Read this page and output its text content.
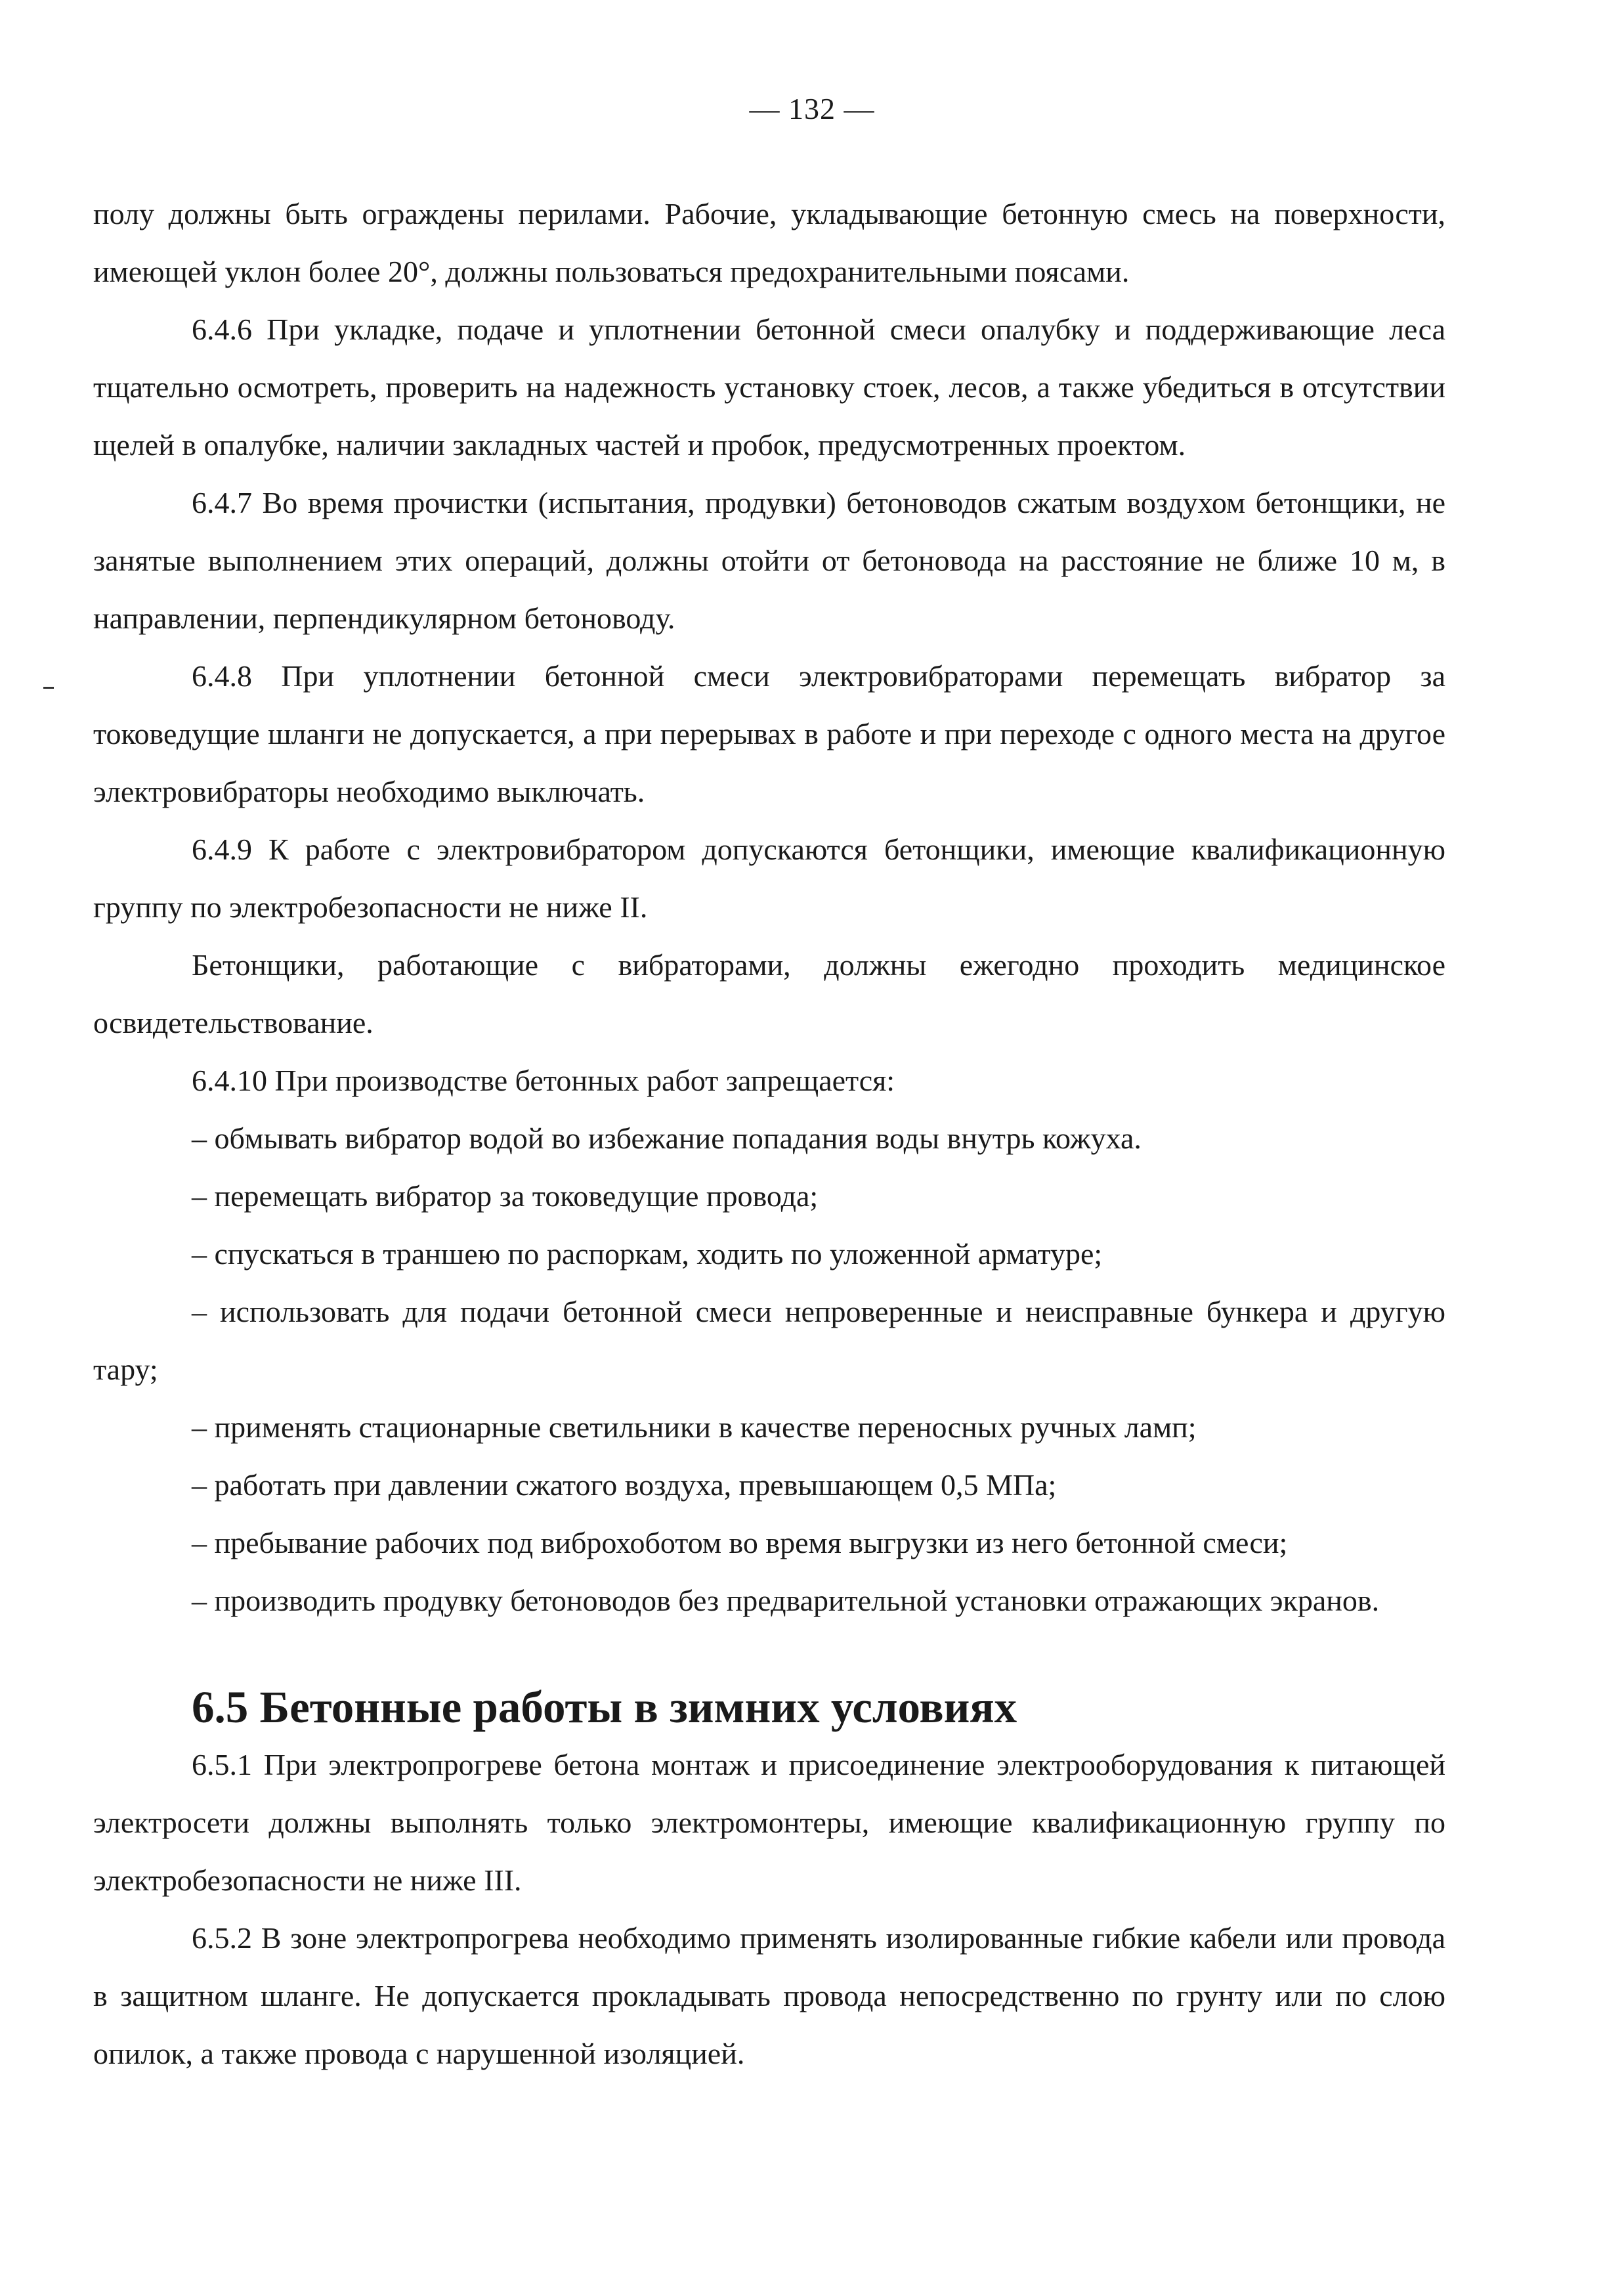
— 132 —

полу должны быть ограждены перилами. Рабочие, укладывающие бетонную смесь на поверхности, имеющей уклон более 20°, должны пользоваться предохранительными поясами.

6.4.6 При укладке, подаче и уплотнении бетонной смеси опалубку и поддерживающие леса тщательно осмотреть, проверить на надежность установку стоек, лесов, а также убедиться в отсутствии щелей в опалубке, наличии закладных частей и пробок, предусмотренных проектом.

6.4.7 Во время прочистки (испытания, продувки) бетоноводов сжатым воздухом бетонщики, не занятые выполнением этих операций, должны отойти от бетоновода на расстояние не ближе 10 м, в направлении, перпендикулярном бетоноводу.

6.4.8 При уплотнении бетонной смеси электровибраторами перемещать вибратор за токоведущие шланги не допускается, а при перерывах в работе и при переходе с одного места на другое электровибраторы необходимо выключать.

6.4.9 К работе с электровибратором допускаются бетонщики, имеющие квалификационную группу по электробезопасности не ниже II.

Бетонщики, работающие с вибраторами, должны ежегодно проходить медицинское освидетельствование.

6.4.10 При производстве бетонных работ запрещается:

– обмывать вибратор водой во избежание попадания воды внутрь кожуха.

– перемещать вибратор за токоведущие провода;

– спускаться в траншею по распоркам, ходить по уложенной арматуре;

– использовать для подачи бетонной смеси непроверенные и неисправные бункера и другую тару;

– применять стационарные светильники в качестве переносных ручных ламп;

– работать при давлении сжатого воздуха, превышающем 0,5 МПа;

– пребывание рабочих под виброхоботом во время выгрузки из него бетонной смеси;

– производить продувку бетоноводов без предварительной установки отражающих экранов.

6.5 Бетонные работы в зимних условиях

6.5.1 При электропрогреве бетона монтаж и присоединение электрооборудования к питающей электросети должны выполнять только электромонтеры, имеющие квалификационную группу по электробезопасности не ниже III.

6.5.2 В зоне электропрогрева необходимо применять изолированные гибкие кабели или провода в защитном шланге. Не допускается прокладывать провода непосредственно по грунту или по слою опилок, а также провода с нарушенной изоляцией.
